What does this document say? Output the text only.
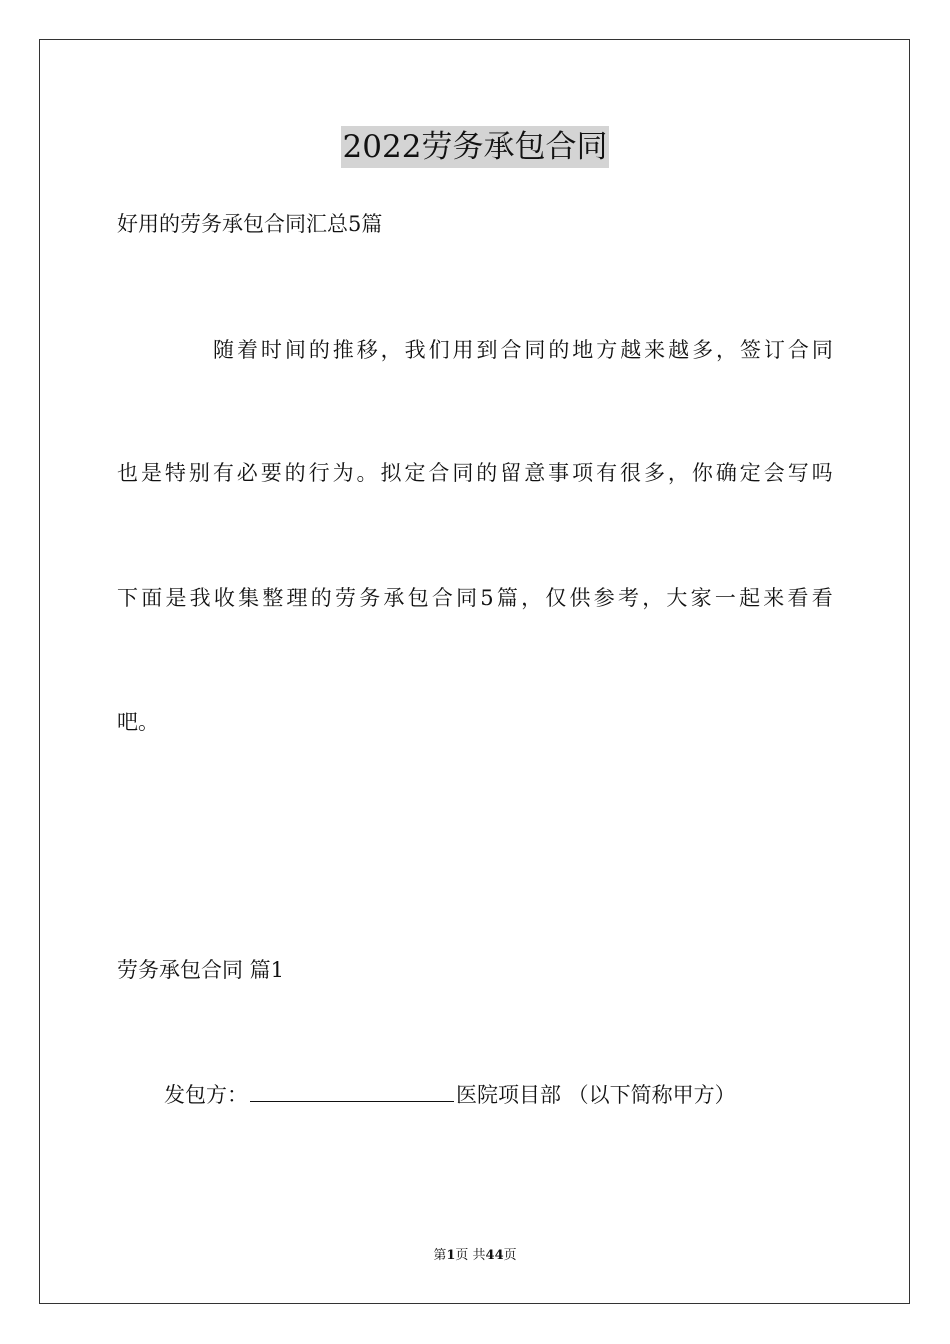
2022劳务承包合同
好用的劳务承包合同汇总5篇
随 着 时 间 的 推 移 ， 我 们 用 到 合 同 的 地 方 越 来 越 多 ， 签 订 合 同
也 是 特 别 有 必 要 的 行 为 。 拟 定 合 同 的 留 意 事 项 有 很 多 ， 你 确 定 会 写 吗
下 面 是 我 收 集 整 理 的 劳 务 承 包 合 同 5 篇 ， 仅 供 参 考 ， 大 家 一 起 来 看 看
吧。
劳务承包合同 篇1
发包方：	医院项目部 （以下简称甲方）
第1页 共44页
